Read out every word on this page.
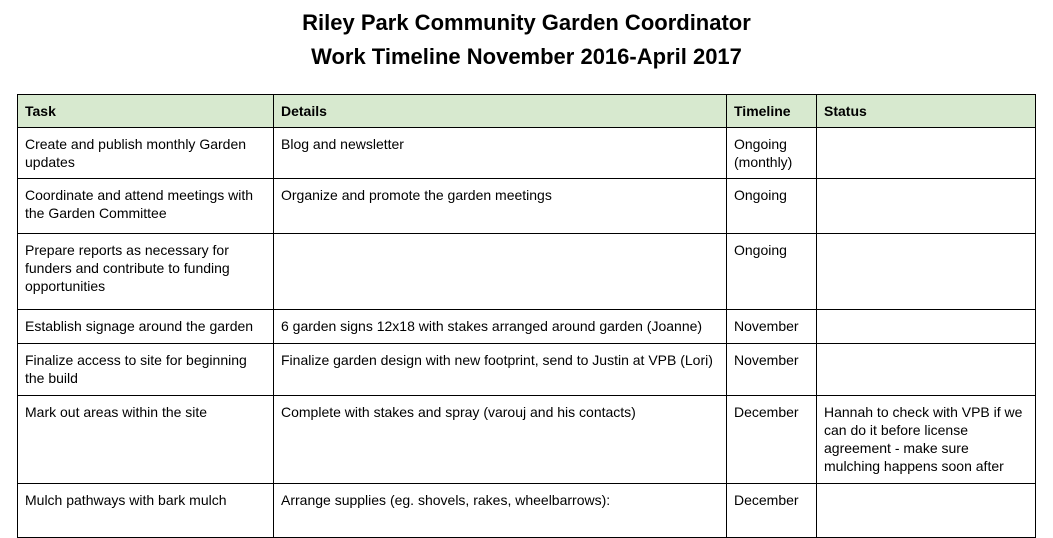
Riley Park Community Garden Coordinator
Work Timeline November 2016-April 2017
Task	Details	Timeline	Status
Create and publish monthly Garden updates	Blog and newsletter	Ongoing (monthly)	
Coordinate and attend meetings with the Garden Committee	Organize and promote the garden meetings	Ongoing	
Prepare reports as necessary for funders and contribute to funding opportunities		Ongoing	
Establish signage around the garden	6 garden signs 12x18 with stakes arranged around garden (Joanne)	November	
Finalize access to site for beginning the build	Finalize garden design with new footprint, send to Justin at VPB (Lori)	November	
Mark out areas within the site	Complete with stakes and spray (varouj and his contacts)	December	Hannah to check with VPB if we can do it before license agreement - make sure mulching happens soon after
Mulch pathways with bark mulch	Arrange supplies (eg. shovels, rakes, wheelbarrows):	December	
